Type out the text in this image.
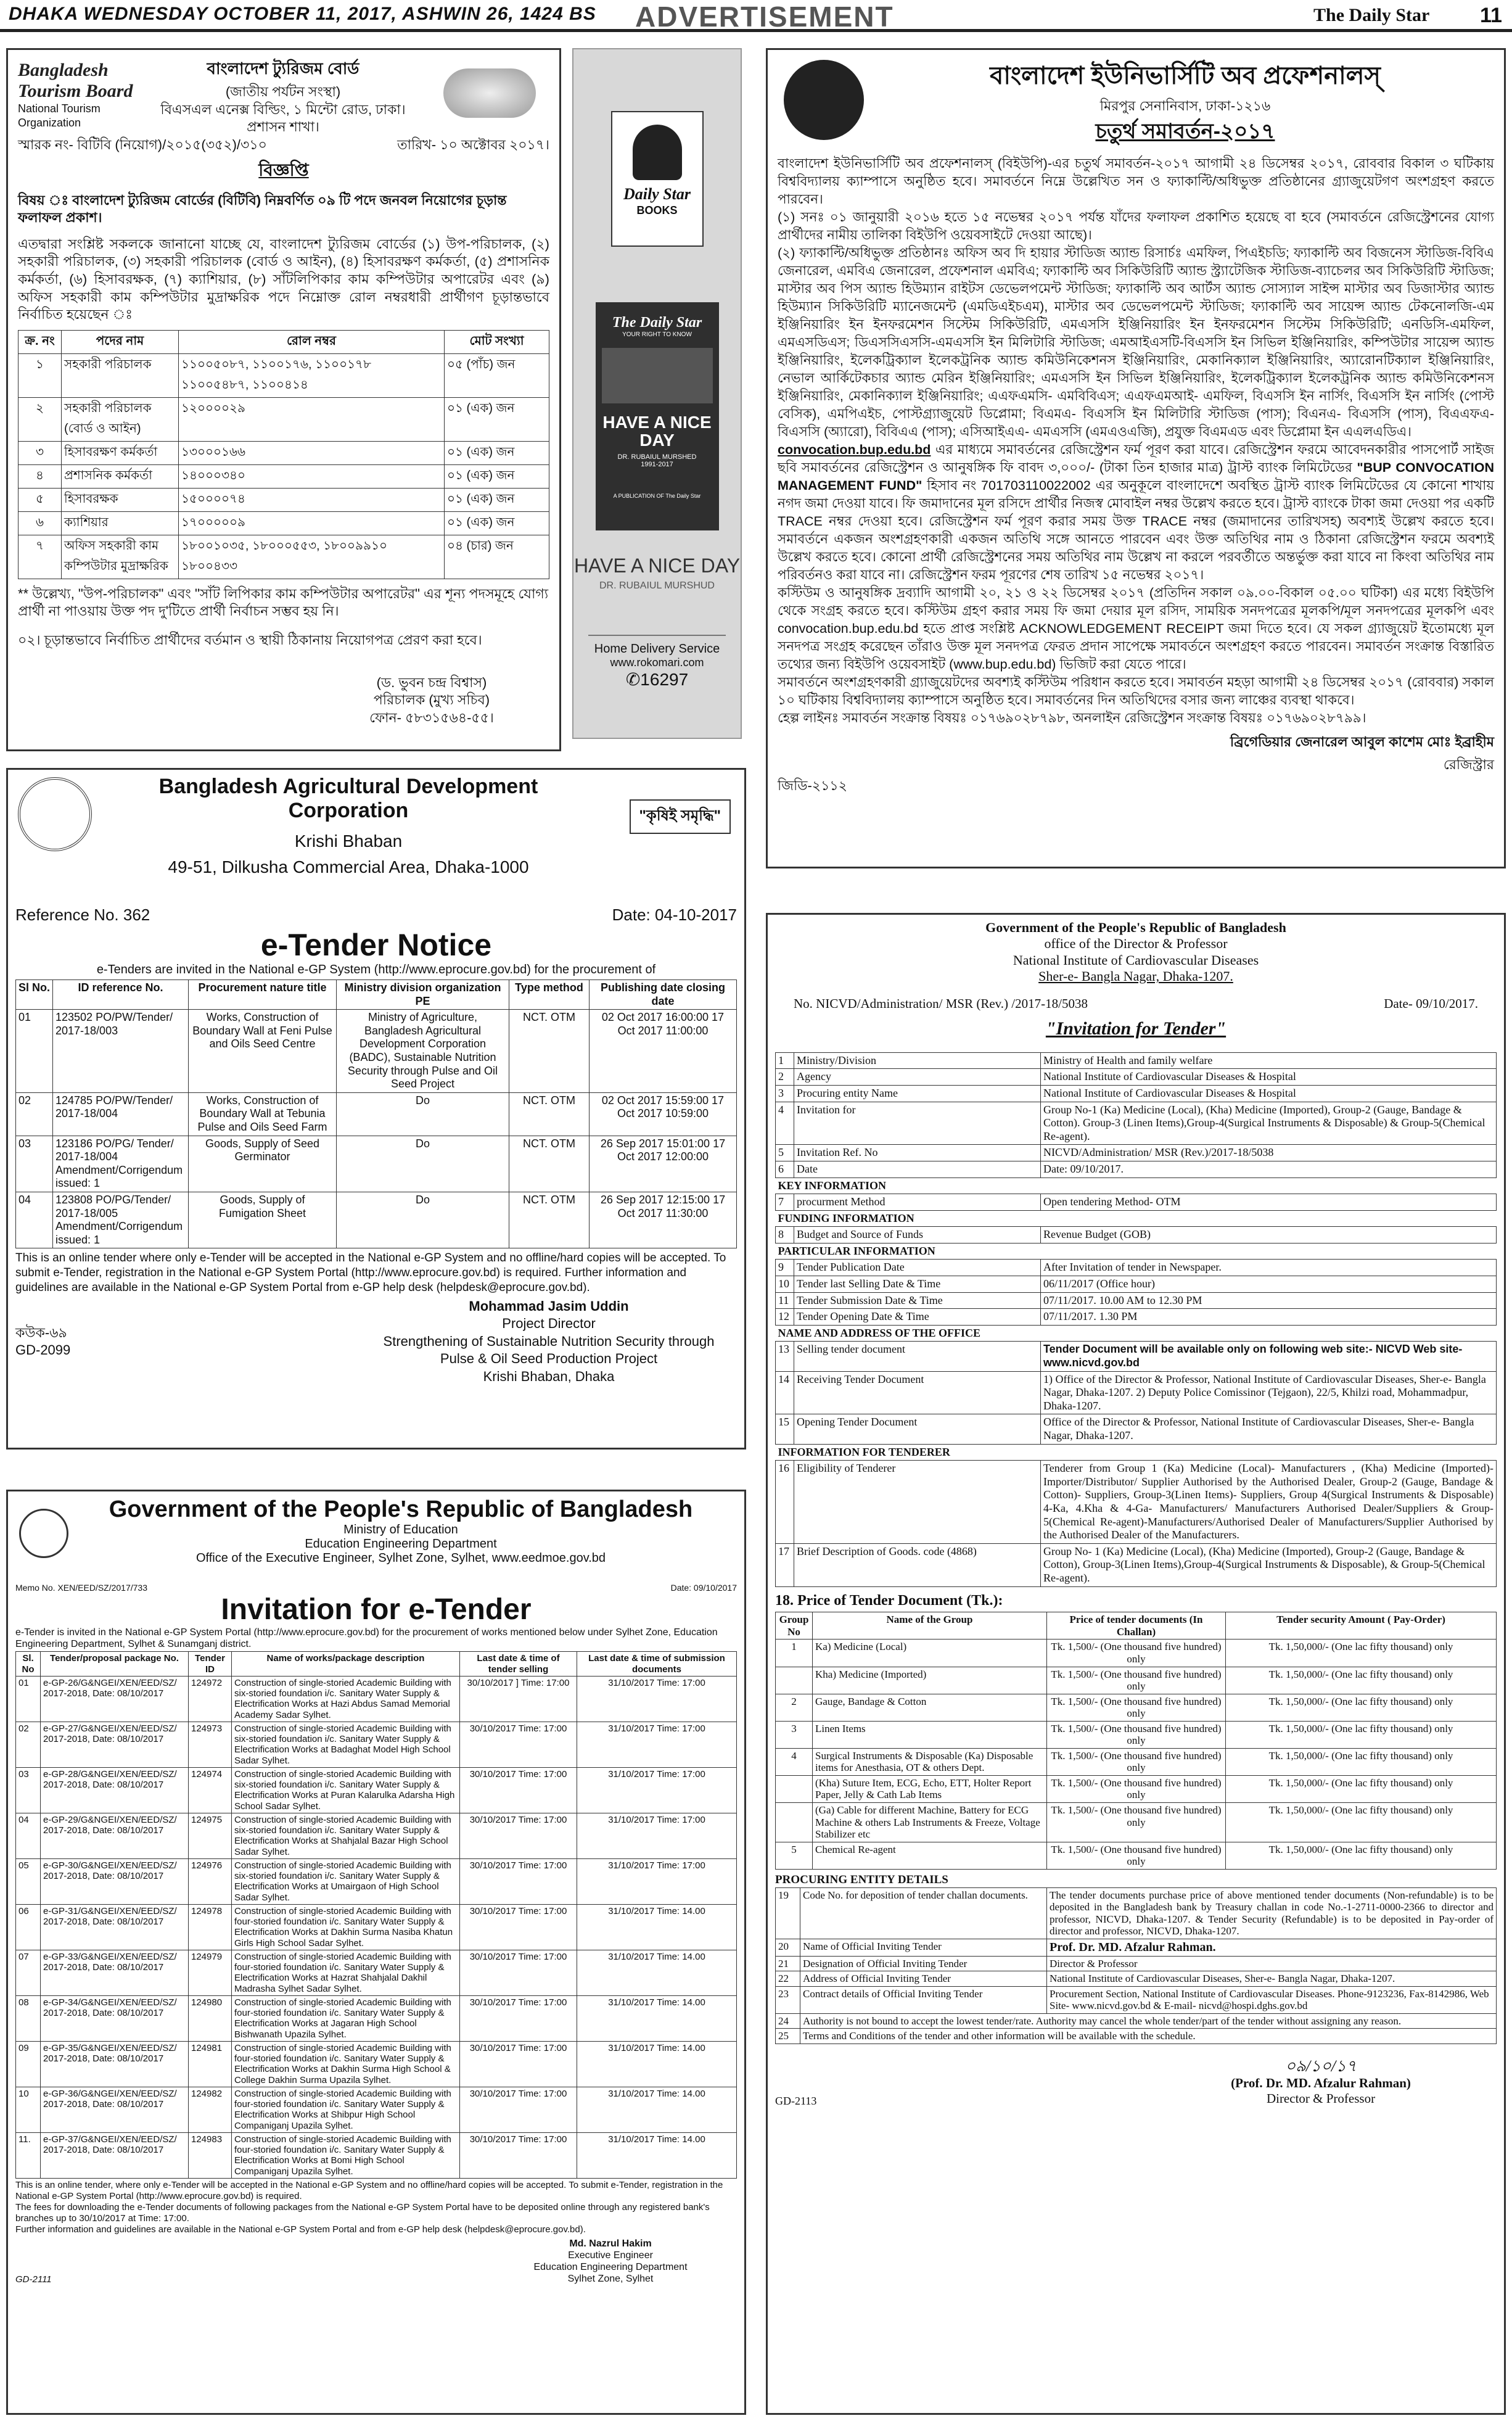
DHAKA WEDNESDAY OCTOBER 11, 2017, ASHWIN 26, 1424 BS ADVERTISEMENT	The Daily Star 11
Bangladesh Tourism Board
National Tourism Organization
বাংলাদেশ ট্যুরিজম বোর্ড
(জাতীয় পর্যটন সংস্থা)
বিএসএল এনেক্স বিল্ডিং, ১ মিন্টো রোড, ঢাকা।
প্রশাসন শাখা।
স্মারক নং- বিটিবি (নিয়োগ)/২০১৫(৩৫২)/৩১০	তারিখ- ১০ অক্টোবর ২০১৭।
বিজ্ঞপ্তি
বিষয় ঃ বাংলাদেশ ট্যুরিজম বোর্ডের (বিটিবি) নিম্নবর্ণিত ০৯ টি পদে জনবল নিয়োগের চূড়ান্ত ফলাফল প্রকাশ।
এতদ্বারা সংশ্লিষ্ট সকলকে জানানো যাচ্ছে যে, বাংলাদেশ ট্যুরিজম বোর্ডের (১) উপ-পরিচালক, (২) সহকারী পরিচালক, (৩) সহকারী পরিচালক (বোর্ড ও আইন), (৪) হিসাবরক্ষণ কর্মকর্তা, (৫) প্রশাসনিক কর্মকর্তা, (৬) হিসাবরক্ষক, (৭) ক্যাশিয়ার, (৮) সাঁটলিপিকার কাম কম্পিউটার অপারেটর এবং (৯) অফিস সহকারী কাম কম্পিউটার মুদ্রাক্ষরিক পদে নিম্নোক্ত রোল নম্বরধারী প্রার্থীগণ চূড়ান্তভাবে নির্বাচিত হয়েছেন ঃ
ক্র. নং	পদের নাম	রোল নম্বর	মোট সংখ্যা
১	সহকারী পরিচালক	১১০০৫০৮৭, ১১০০১৭৬, ১১০০১৭৮ ১১০০৫৪৮৭, ১১০০৪১৪	০৫ (পাঁচ) জন
২	সহকারী পরিচালক (বোর্ড ও আইন)	১২০০০০২৯	০১ (এক) জন
৩	হিসাবরক্ষণ কর্মকর্তা	১৩০০০১৬৬	০১ (এক) জন
৪	প্রশাসনিক কর্মকর্তা	১৪০০০৩৪০	০১ (এক) জন
৫	হিসাবরক্ষক	১৫০০০০৭৪	০১ (এক) জন
৬	ক্যাশিয়ার	১৭০০০০০৯	০১ (এক) জন
৭	অফিস সহকারী কাম কম্পিউটার মুদ্রাক্ষরিক	১৮০০১০৩৫, ১৮০০০৫৫৩, ১৮০০৯৯১০ ১৮০০৪৩৩	০৪ (চার) জন
** উল্লেখ্য, "উপ-পরিচালক" এবং "সাঁট লিপিকার কাম কম্পিউটার অপারেটর" এর শূন্য পদসমূহে যোগ্য প্রার্থী না পাওয়ায় উক্ত পদ দু'টিতে প্রার্থী নির্বাচন সম্ভব হয় নি।
০২। চূড়ান্তভাবে নির্বাচিত প্রার্থীদের বর্তমান ও স্থায়ী ঠিকানায় নিয়োগপত্র প্রেরণ করা হবে।
(ড. ভুবন চন্দ্র বিশ্বাস)
পরিচালক (মুখ্য সচিব)
ফোন- ৫৮৩১৫৬৪-৫৫।
Daily Star
BOOKS
The Daily Star
YOUR RIGHT TO KNOW
HAVE A NICE DAY
DR. RUBAIUL MURSHED
1991-2017
A PUBLICATION OF The Daily Star
HAVE A NICE DAY
DR. RUBAIUL MURSHUD
Home Delivery Service
www.rokomari.com
✆16297
বাংলাদেশ ইউনিভার্সিটি অব প্রফেশনালস্
মিরপুর সেনানিবাস, ঢাকা-১২১৬
চতুর্থ সমাবর্তন-২০১৭

বাংলাদেশ ইউনিভার্সিটি অব প্রফেশনালস্ (বিইউপি)-এর চতুর্থ সমাবর্তন-২০১৭ আগামী ২৪ ডিসেম্বর ২০১৭, রোববার বিকাল ৩ ঘটিকায় বিশ্ববিদ্যালয় ক্যাম্পাসে অনুষ্ঠিত হবে। সমাবর্তনে নিম্নে উল্লেখিত সন ও ফ্যাকাল্টি/অধিভুক্ত প্রতিষ্ঠানের গ্র্যাজুয়েটগণ অংশগ্রহণ করতে পারবেন।

(১) সনঃ ০১ জানুয়ারী ২০১৬ হতে ১৫ নভেম্বর ২০১৭ পর্যন্ত যাঁদের ফলাফল প্রকাশিত হয়েছে বা হবে (সমাবর্তনে রেজিস্ট্রেশনের যোগ্য প্রার্থীদের নামীয় তালিকা বিইউপি ওয়েবসাইটে দেওয়া আছে)।

(২) ফ্যাকাল্টি/অধিভুক্ত প্রতিষ্ঠানঃ অফিস অব দি হায়ার স্টাডিজ অ্যান্ড রিসার্চঃ এমফিল, পিএইচডি; ফ্যাকাল্টি অব বিজনেস স্টাডিজ-বিবিএ জেনারেল, এমবিএ জেনারেল, প্রফেশনাল এমবিএ; ফ্যাকাল্টি অব সিকিউরিটি অ্যান্ড স্ট্র্যাটেজিক স্টাডিজ-ব্যাচেলর অব সিকিউরিটি স্টাডিজ; মাস্টার অব পিস অ্যান্ড হিউম্যান রাইটস ডেভেলপমেন্ট স্টাডিজ; ফ্যাকাল্টি অব আর্টস অ্যান্ড সোস্যাল সাইন্স মাস্টার অব ডিজাস্টার অ্যান্ড হিউম্যান সিকিউরিটি ম্যানেজমেন্ট (এমডিএইচএম), মাস্টার অব ডেভেলপমেন্ট স্টাডিজ; ফ্যাকাল্টি অব সায়েন্স অ্যান্ড টেকনোলজি-এম ইঞ্জিনিয়ারিং ইন ইনফরমেশন সিস্টেম সিকিউরিটি, এমএসসি ইঞ্জিনিয়ারিং ইন ইনফরমেশন সিস্টেম সিকিউরিটি; এনডিসি-এমফিল, এমএসডিএস; ডিএসসিএসসি-এমএসসি ইন মিলিটারি স্টাডিজ; এমআইএসটি-বিএসসি ইন সিভিল ইঞ্জিনিয়ারিং, কম্পিউটার সায়েন্স অ্যান্ড ইঞ্জিনিয়ারিং, ইলেকট্রিক্যাল ইলেকট্রনিক অ্যান্ড কমিউনিকেশনস ইঞ্জিনিয়ারিং, মেকানিক্যাল ইঞ্জিনিয়ারিং, অ্যারোনটিক্যাল ইঞ্জিনিয়ারিং, নেভাল আর্কিটেকচার অ্যান্ড মেরিন ইঞ্জিনিয়ারিং; এমএসসি ইন সিভিল ইঞ্জিনিয়ারিং, ইলেকট্রিক্যাল ইলেকট্রনিক অ্যান্ড কমিউনিকেশনস ইঞ্জিনিয়ারিং, মেকানিক্যাল ইঞ্জিনিয়ারিং; এএফএমসি- এমবিবিএস; এএফএমআই- এমফিল, বিএসসি ইন নার্সিং, বিএসসি ইন নার্সিং (পোস্ট বেসিক), এমপিএইচ, পোস্টগ্র্যাজুয়েট ডিপ্লোমা; বিএমএ- বিএসসি ইন মিলিটারি স্টাডিজ (পাস); বিএনএ- বিএসসি (পাস), বিএএফএ- বিএসসি (অ্যারো), বিবিএএ (পাস); এসিআইএএ- এমএসসি (এমএওএজি), প্রযুক্ত বিএমএড এবং ডিপ্লোমা ইন এএলএডিএ।

convocation.bup.edu.bd এর মাধ্যমে সমাবর্তনের রেজিস্ট্রেশন ফর্ম পূরণ করা যাবে। রেজিস্ট্রেশন ফরমে আবেদনকারীর পাসপোর্ট সাইজ ছবি সমাবর্তনের রেজিস্ট্রেশন ও আনুষঙ্গিক ফি বাবদ ৩,০০০/- (টাকা তিন হাজার মাত্র) ট্রাস্ট ব্যাংক লিমিটেডের "BUP CONVOCATION MANAGEMENT FUND" হিসাব নং 701703110022002 এর অনুকূলে বাংলাদেশে অবস্থিত ট্রাস্ট ব্যাংক লিমিটেডের যে কোনো শাখায় নগদ জমা দেওয়া যাবে। ফি জমাদানের মূল রসিদে প্রার্থীর নিজস্ব মোবাইল নম্বর উল্লেখ করতে হবে। ট্রাস্ট ব্যাংকে টাকা জমা দেওয়া পর একটি TRACE নম্বর দেওয়া হবে। রেজিস্ট্রেশন ফর্ম পূরণ করার সময় উক্ত TRACE নম্বর (জমাদানের তারিখসহ) অবশ্যই উল্লেখ করতে হবে। সমাবর্তনে একজন অংশগ্রহণকারী একজন অতিথি সঙ্গে আনতে পারবেন এবং উক্ত অতিথির নাম ও ঠিকানা রেজিস্ট্রেশন ফরমে অবশ্যই উল্লেখ করতে হবে। কোনো প্রার্থী রেজিস্ট্রেশনের সময় অতিথির নাম উল্লেখ না করলে পরবর্তীতে অন্তর্ভুক্ত করা যাবে না কিংবা অতিথির নাম পরিবর্তনও করা যাবে না। রেজিস্ট্রেশন ফরম পূরণের শেষ তারিখ ১৫ নভেম্বর ২০১৭।

কস্টিউম ও আনুষঙ্গিক দ্রব্যাদি আগামী ২০, ২১ ও ২২ ডিসেম্বর ২০১৭ (প্রতিদিন সকাল ০৯.০০-বিকাল ০৫.০০ ঘটিকা) এর মধ্যে বিইউপি থেকে সংগ্রহ করতে হবে। কস্টিউম গ্রহণ করার সময় ফি জমা দেয়ার মূল রসিদ, সাময়িক সনদপত্রের মূলকপি/মূল সনদপত্রের মূলকপি এবং convocation.bup.edu.bd হতে প্রাপ্ত সংশ্লিষ্ট ACKNOWLEDGEMENT RECEIPT জমা দিতে হবে। যে সকল গ্র্যাজুয়েট ইতোমধ্যে মূল সনদপত্র সংগ্রহ করেছেন তাঁরাও উক্ত মূল সনদপত্র ফেরত প্রদান সাপেক্ষে সমাবর্তনে অংশগ্রহণ করতে পারবেন। সমাবর্তন সংক্রান্ত বিস্তারিত তথ্যের জন্য বিইউপি ওয়েবসাইট (www.bup.edu.bd) ভিজিট করা যেতে পারে।

সমাবর্তনে অংশগ্রহণকারী গ্র্যাজুয়েটদের অবশ্যই কস্টিউম পরিধান করতে হবে। সমাবর্তন মহড়া আগামী ২৪ ডিসেম্বর ২০১৭ (রোববার) সকাল ১০ ঘটিকায় বিশ্ববিদ্যালয় ক্যাম্পাসে অনুষ্ঠিত হবে। সমাবর্তনের দিন অতিথিদের বসার জন্য লাঞ্চের ব্যবস্থা থাকবে।

হেল্প লাইনঃ সমাবর্তন সংক্রান্ত বিষয়ঃ ০১৭৬৯০২৮৭৯৮, অনলাইন রেজিস্ট্রেশন সংক্রান্ত বিষয়ঃ ০১৭৬৯০২৮৭৯৯।

ব্রিগেডিয়ার জেনারেল আবুল কাশেম মোঃ ইব্রাহীম
রেজিস্ট্রার
জিডি-২১১২
Bangladesh Agricultural Development Corporation
Krishi Bhaban
49-51, Dilkusha Commercial Area, Dhaka-1000
"কৃষিই সমৃদ্ধি"
Reference No. 362	Date: 04-10-2017
e-Tender Notice
e-Tenders are invited in the National e-GP System (http://www.eprocure.gov.bd) for the procurement of
Sl No.	ID reference No.	Procurement nature title	Ministry division organization PE	Type method	Publishing date closing date
01	123502 PO/PW/Tender/ 2017-18/003	Works, Construction of Boundary Wall at Feni Pulse and Oils Seed Centre	Ministry of Agriculture, Bangladesh Agricultural Development Corporation (BADC), Sustainable Nutrition Security through Pulse and Oil Seed Project	NCT. OTM	02 Oct 2017 16:00:00 17 Oct 2017 11:00:00
02	124785 PO/PW/Tender/ 2017-18/004	Works, Construction of Boundary Wall at Tebunia Pulse and Oils Seed Farm	Do	NCT. OTM	02 Oct 2017 15:59:00 17 Oct 2017 10:59:00
03	123186 PO/PG/ Tender/ 2017-18/004 Amendment/Corrigendum issued: 1	Goods, Supply of Seed Germinator	Do	NCT. OTM	26 Sep 2017 15:01:00 17 Oct 2017 12:00:00
04	123808 PO/PG/Tender/ 2017-18/005 Amendment/Corrigendum issued: 1	Goods, Supply of Fumigation Sheet	Do	NCT. OTM	26 Sep 2017 12:15:00 17 Oct 2017 11:30:00
This is an online tender where only e-Tender will be accepted in the National e-GP System and no offline/hard copies will be accepted. To submit e-Tender, registration in the National e-GP System Portal (http://www.eprocure.gov.bd) is required. Further information and guidelines are available in the National e-GP System Portal from e-GP help desk (helpdesk@eprocure.gov.bd).
Mohammad Jasim Uddin
Project Director
Strengthening of Sustainable Nutrition Security through
Pulse & Oil Seed Production Project
Krishi Bhaban, Dhaka
কউক-৬৯
GD-2099
Government of the People's Republic of Bangladesh
Ministry of Education
Education Engineering Department
Office of the Executive Engineer, Sylhet Zone, Sylhet, www.eedmoe.gov.bd
Memo No. XEN/EED/SZ/2017/733	Date: 09/10/2017
Invitation for e-Tender
e-Tender is invited in the National e-GP System Portal (http://www.eprocure.gov.bd) for the procurement of works mentioned below under Sylhet Zone, Education Engineering Department, Sylhet & Sunamganj district.
Sl. No	Tender/proposal package No.	Tender ID	Name of works/package description	Last date & time of tender selling	Last date & time of submission documents
01	e-GP-26/G&NGEI/XEN/EED/SZ/ 2017-2018, Date: 08/10/2017	124972	Construction of single-storied Academic Building with six-storied foundation i/c. Sanitary Water Supply & Electrification Works at Hazi Abdus Samad Memorial Academy Sadar Sylhet.	30/10/2017 ] Time: 17:00	31/10/2017 Time: 17:00
02	e-GP-27/G&NGEI/XEN/EED/SZ/ 2017-2018, Date: 08/10/2017	124973	Construction of single-storied Academic Building with six-storied foundation i/c. Sanitary Water Supply & Electrification Works at Badaghat Model High School Sadar Sylhet.	30/10/2017 Time: 17:00	31/10/2017 Time: 17:00
03	e-GP-28/G&NGEI/XEN/EED/SZ/ 2017-2018, Date: 08/10/2017	124974	Construction of single-storied Academic Building with six-storied foundation i/c. Sanitary Water Supply & Electrification Works at Puran Kalarulka Adarsha High School Sadar Sylhet.	30/10/2017 Time: 17:00	31/10/2017 Time: 17:00
04	e-GP-29/G&NGEI/XEN/EED/SZ/ 2017-2018, Date: 08/10/2017	124975	Construction of single-storied Academic Building with six-storied foundation i/c. Sanitary Water Supply & Electrification Works at Shahjalal Bazar High School Sadar Sylhet.	30/10/2017 Time: 17:00	31/10/2017 Time: 17:00
05	e-GP-30/G&NGEI/XEN/EED/SZ/ 2017-2018, Date: 08/10/2017	124976	Construction of single-storied Academic Building with six-storied foundation i/c. Sanitary Water Supply & Electrification Works at Umairgaon of High School Sadar Sylhet.	30/10/2017 Time: 17:00	31/10/2017 Time: 17:00
06	e-GP-31/G&NGEI/XEN/EED/SZ/ 2017-2018, Date: 08/10/2017	124978	Construction of single-storied Academic Building with four-storied foundation i/c. Sanitary Water Supply & Electrification Works at Dakhin Surma Nasiba Khatun Girls High School Sadar Sylhet.	30/10/2017 Time: 17:00	31/10/2017 Time: 14.00
07	e-GP-33/G&NGEI/XEN/EED/SZ/ 2017-2018, Date: 08/10/2017	124979	Construction of single-storied Academic Building with four-storied foundation i/c. Sanitary Water Supply & Electrification Works at Hazrat Shahjalal Dakhil Madrasha Sylhet Sadar Sylhet.	30/10/2017 Time: 17:00	31/10/2017 Time: 14.00
08	e-GP-34/G&NGEI/XEN/EED/SZ/ 2017-2018, Date: 08/10/2017	124980	Construction of single-storied Academic Building with four-storied foundation i/c. Sanitary Water Supply & Electrification Works at Jagaran High School Bishwanath Upazila Sylhet.	30/10/2017 Time: 17:00	31/10/2017 Time: 14.00
09	e-GP-35/G&NGEI/XEN/EED/SZ/ 2017-2018, Date: 08/10/2017	124981	Construction of single-storied Academic Building with four-storied foundation i/c. Sanitary Water Supply & Electrification Works at Dakhin Surma High School & College Dakhin Surma Upazila Sylhet.	30/10/2017 Time: 17:00	31/10/2017 Time: 14.00
10	e-GP-36/G&NGEI/XEN/EED/SZ/ 2017-2018, Date: 08/10/2017	124982	Construction of single-storied Academic Building with four-storied foundation i/c. Sanitary Water Supply & Electrification Works at Shibpur High School Companiganj Upazila Sylhet.	30/10/2017 Time: 17:00	31/10/2017 Time: 14.00
11.	e-GP-37/G&NGEI/XEN/EED/SZ/ 2017-2018, Date: 08/10/2017	124983	Construction of single-storied Academic Building with four-storied foundation i/c. Sanitary Water Supply & Electrification Works at Bomi High School Companiganj Upazila Sylhet.	30/10/2017 Time: 17:00	31/10/2017 Time: 14.00
This is an online tender, where only e-Tender will be accepted in the National e-GP System and no offline/hard copies will be accepted. To submit e-Tender, registration in the National e-GP System Portal (http://www.eprocure.gov.bd) is required.
The fees for downloading the e-Tender documents of following packages from the National e-GP System Portal have to be deposited online through any registered bank's branches up to 30/10/2017 at Time: 17:00.
Further information and guidelines are available in the National e-GP System Portal and from e-GP help desk (helpdesk@eprocure.gov.bd).
Md. Nazrul Hakim
Executive Engineer
Education Engineering Department
Sylhet Zone, Sylhet
GD-2111
Government of the People's Republic of Bangladesh
office of the Director & Professor
National Institute of Cardiovascular Diseases
Sher-e- Bangla Nagar, Dhaka-1207.
No. NICVD/Administration/ MSR (Rev.) /2017-18/5038	Date- 09/10/2017.
"Invitation for Tender"
1	Ministry/Division	Ministry of Health and family welfare
2	Agency	National Institute of Cardiovascular Diseases & Hospital
3	Procuring entity Name	National Institute of Cardiovascular Diseases & Hospital
4	Invitation for	Group No-1 (Ka) Medicine (Local), (Kha) Medicine (Imported), Group-2 (Gauge, Bandage & Cotton). Group-3 (Linen Items),Group-4(Surgical Instruments & Disposable) & Group-5(Chemical Re-agent).
5	Invitation Ref. No	NICVD/Administration/ MSR (Rev.)/2017-18/5038
6	Date	Date: 09/10/2017.
KEY INFORMATION		
7	procurment Method	Open tendering Method- OTM
FUNDING INFORMATION		
8	Budget and Source of Funds	Revenue Budget (GOB)
PARTICULAR INFORMATION		
9	Tender Publication Date	After Invitation of tender in Newspaper.
10	Tender last Selling Date & Time	06/11/2017 (Office hour)
11	Tender Submission Date & Time	07/11/2017. 10.00 AM to 12.30 PM
12	Tender Opening Date & Time	07/11/2017. 1.30 PM
NAME AND ADDRESS OF THE OFFICE		
13	Selling tender document	Tender Document will be available only on following web site:- NICVD Web site- www.nicvd.gov.bd
14	Receiving Tender Document	1) Office of the Director & Professor, National Institute of Cardiovascular Diseases, Sher-e- Bangla Nagar, Dhaka-1207. 2) Deputy Police Comissinor (Tejgaon), 22/5, Khilzi road, Mohammadpur, Dhaka-1207.
15	Opening Tender Document	Office of the Director & Professor, National Institute of Cardiovascular Diseases, Sher-e- Bangla Nagar, Dhaka-1207.
INFORMATION FOR TENDERER		
16	Eligibility of Tenderer	Tenderer from Group 1 (Ka) Medicine (Local)- Manufacturers , (Kha) Medicine (Imported)- Importer/Distributor/ Supplier Authorised by the Authorised Dealer, Group-2 (Gauge, Bandage & Cotton)- Suppliers, Group-3(Linen Items)- Suppliers, Group 4(Surgical Instruments & Disposable) 4-Ka, 4.Kha & 4-Ga- Manufacturers/ Manufacturers Authorised Dealer/Suppliers & Group-5(Chemical Re-agent)-Manufacturers/Authorised Dealer of Manufacturers/Supplier Authorised by the Authorised Dealer of the Manufacturers.
17	Brief Description of Goods. code (4868)	Group No- 1 (Ka) Medicine (Local), (Kha) Medicine (Imported), Group-2 (Gauge, Bandage & Cotton), Group-3(Linen Items),Group-4(Surgical Instruments & Disposable), & Group-5(Chemical Re-agent).
18. Price of Tender Document (Tk.):
Group No	Name of the Group	Price of tender documents (In Challan)	Tender security Amount ( Pay-Order)
1	Ka) Medicine (Local)	Tk. 1,500/- (One thousand five hundred) only	Tk. 1,50,000/- (One lac fifty thousand) only
	Kha) Medicine (Imported)	Tk. 1,500/- (One thousand five hundred) only	Tk. 1,50,000/- (One lac fifty thousand) only
2	Gauge, Bandage & Cotton	Tk. 1,500/- (One thousand five hundred) only	Tk. 1,50,000/- (One lac fifty thousand) only
3	Linen Items	Tk. 1,500/- (One thousand five hundred) only	Tk. 1,50,000/- (One lac fifty thousand) only
4	Surgical Instruments & Disposable (Ka) Disposable items for Anesthasia, OT & others Dept.	Tk. 1,500/- (One thousand five hundred) only	Tk. 1,50,000/- (One lac fifty thousand) only
	(Kha) Suture Item, ECG, Echo, ETT, Holter Report Paper, Jelly & Cath Lab Items	Tk. 1,500/- (One thousand five hundred) only	Tk. 1,50,000/- (One lac fifty thousand) only
	(Ga) Cable for different Machine, Battery for ECG Machine & others Lab Instruments & Freeze, Voltage Stabilizer etc	Tk. 1,500/- (One thousand five hundred) only	Tk. 1,50,000/- (One lac fifty thousand) only
5	Chemical Re-agent	Tk. 1,500/- (One thousand five hundred) only	Tk. 1,50,000/- (One lac fifty thousand) only
PROCURING ENTITY DETAILS
19	Code No. for deposition of tender challan documents.	The tender documents purchase price of above mentioned tender documents (Non-refundable) is to be deposited in the Bangladesh bank by Treasury challan in code No.-1-2711-0000-2366 to director and professor, NICVD, Dhaka-1207. & Tender Security (Refundable) is to be deposited in Pay-order of director and professor, NICVD, Dhaka-1207.
20	Name of Official Inviting Tender	Prof. Dr. MD. Afzalur Rahman.
21	Designation of Official Inviting Tender	Director & Professor
22	Address of Official Inviting Tender	National Institute of Cardiovascular Diseases, Sher-e- Bangla Nagar, Dhaka-1207.
23	Contract details of Official Inviting Tender	Procurement Section, National Institute of Cardiovascular Diseases. Phone-9123236, Fax-8142986, Web Site- www.nicvd.gov.bd & E-mail- nicvd@hospi.dghs.gov.bd
24	Authority is not bound to accept the lowest tender/rate. Authority may cancel the whole tender/part of the tender without assigning any reason.	
25	Terms and Conditions of the tender and other information will be available with the schedule.	
০৯/১০/১৭
(Prof. Dr. MD. Afzalur Rahman)
Director & Professor
GD-2113
